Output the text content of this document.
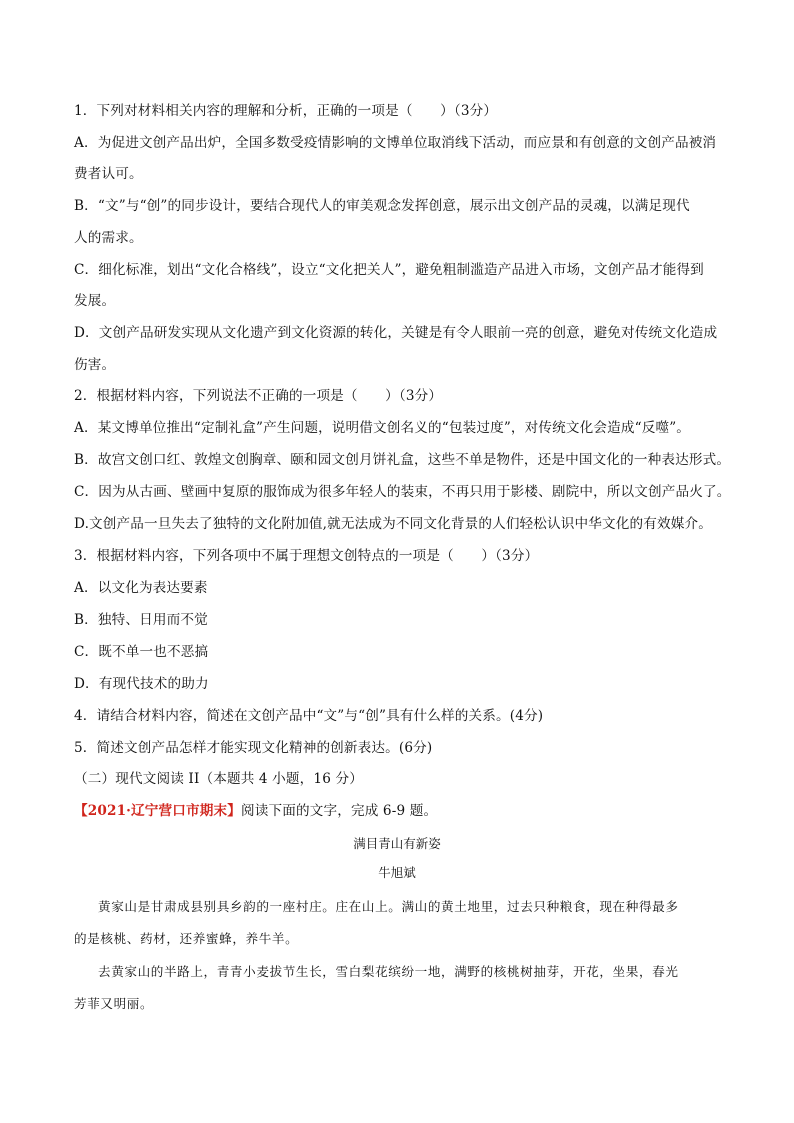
1．下列对材料相关内容的理解和分析，正确的一项是（　　）（3分）
A．为促进文创产品出炉，全国多数受疫情影响的文博单位取消线下活动，而应景和有创意的文创产品被消
费者认可。
B．“文”与“创”的同步设计，要结合现代人的审美观念发挥创意，展示出文创产品的灵魂，以满足现代
人的需求。
C．细化标准，划出“文化合格线”，设立“文化把关人”，避免粗制滥造产品进入市场，文创产品才能得到
发展。
D．文创产品研发实现从文化遗产到文化资源的转化，关键是有令人眼前一亮的创意，避免对传统文化造成
伤害。
2．根据材料内容，下列说法不正确的一项是（　　）（3分）
A．某文博单位推出“定制礼盒”产生问题，说明借文创名义的“包装过度”，对传统文化会造成“反噬”。
B．故宫文创口红、敦煌文创胸章、颐和园文创月饼礼盒，这些不单是物件，还是中国文化的一种表达形式。
C．因为从古画、壁画中复原的服饰成为很多年轻人的装束，不再只用于影楼、剧院中，所以文创产品火了。
D.文创产品一旦失去了独特的文化附加值,就无法成为不同文化背景的人们轻松认识中华文化的有效媒介。
3．根据材料内容，下列各项中不属于理想文创特点的一项是（　　）（3分）
A．以文化为表达要素
B．独特、日用而不觉
C．既不单一也不恶搞
D．有现代技术的助力
4．请结合材料内容，简述在文创产品中“文”与“创”具有什么样的关系。(4分)
5．简述文创产品怎样才能实现文化精神的创新表达。(6分)
（二）现代文阅读 II（本题共 4 小题，16 分）
【2021·辽宁营口市期末】阅读下面的文字，完成 6-9 题。
满目青山有新姿
牛旭斌
黄家山是甘肃成县别具乡韵的一座村庄。庄在山上。满山的黄土地里，过去只种粮食，现在种得最多
的是核桃、药材，还养蜜蜂，养牛羊。
去黄家山的半路上，青青小麦拔节生长，雪白梨花缤纷一地，满野的核桃树抽芽，开花，坐果，春光
芳菲又明丽。
